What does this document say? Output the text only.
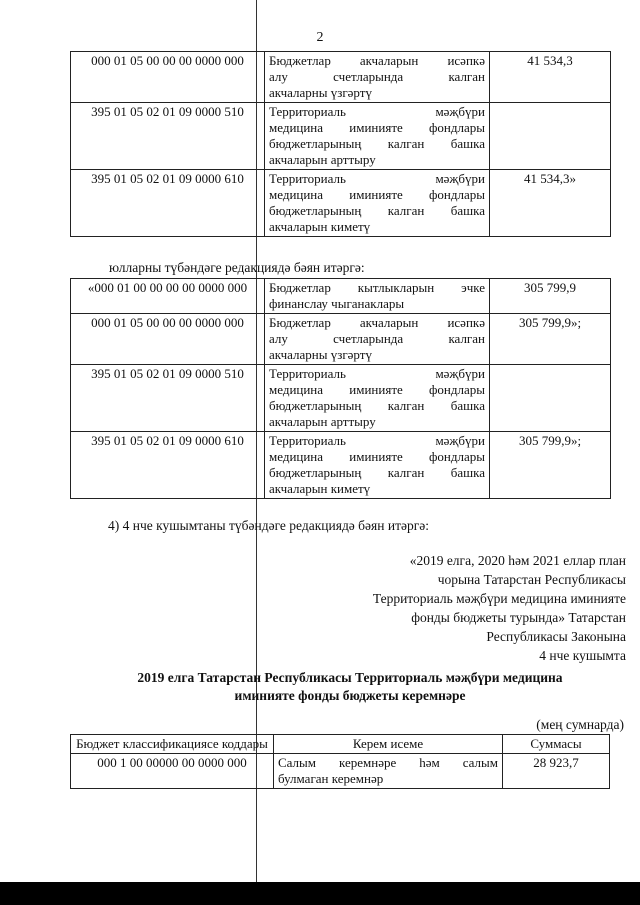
2
000 01 05 00 00 00 0000 000	Бюджетлар акчаларын исәпкә
алу счетларында калган
акчаларны үзгәртү	41 534,3
395 01 05 02 01 09 0000 510	Территориаль мәҗбүри
медицина иминияте фондлары
бюджетларының калган башка
акчаларын арттыру	

395 01 05 02 01 09 0000 610	Территориаль мәҗбүри
медицина иминияте фондлары
бюджетларының калган башка
акчаларын киметү	41 534,3»
юлларны түбәндәге редакциядә бәян итәргә:
«000 01 00 00 00 00 0000 000	Бюджетлар кытлыкларын эчке
финанслау чыганаклары	305 799,9
000 01 05 00 00 00 0000 000	Бюджетлар акчаларын исәпкә
алу счетларында калган
акчаларны үзгәртү	305 799,9»;
395 01 05 02 01 09 0000 510	Территориаль мәҗбүри
медицина иминияте фондлары
бюджетларының калган башка
акчаларын арттыру	

395 01 05 02 01 09 0000 610	Территориаль мәҗбүри
медицина иминияте фондлары
бюджетларының калган башка
акчаларын киметү	305 799,9»;
4) 4 нче кушымтаны түбәндәге редакциядә бәян итәргә:
«2019 елга, 2020 һәм 2021 еллар план
чорына Татарстан Республикасы
Территориаль мәҗбүри медицина иминияте
фонды бюджеты турында» Татарстан
Республикасы Законына
4 нче кушымта
2019 елга Татарстан Республикасы Территориаль мәҗбүри медицина
иминияте фонды бюджеты керемнәре
(мең сумнарда)
Бюджет классификациясе коддары	Керем исеме	Суммасы
000 1 00 00000 00 0000 000	Салым керемнәре һәм салым
булмаган керемнәр	28 923,7
